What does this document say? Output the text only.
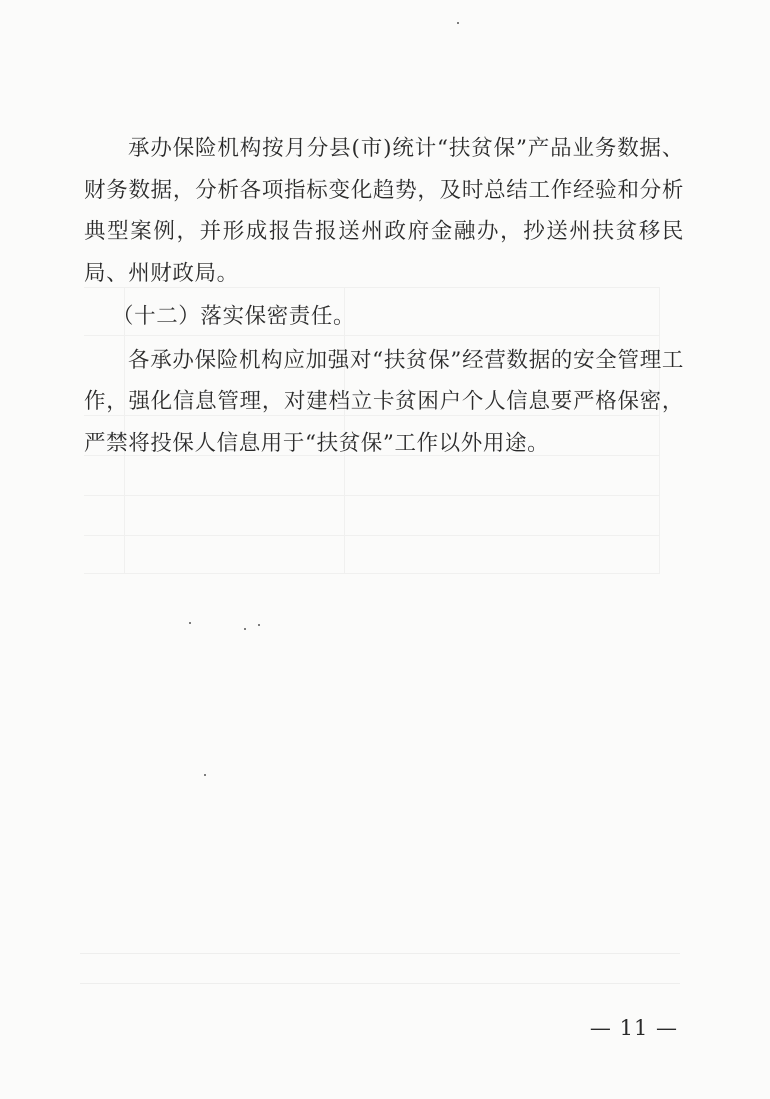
承办保险机构按月分县(市)统计“扶贫保”产品业务数据、财务数据，分析各项指标变化趋势，及时总结工作经验和分析典型案例，并形成报告报送州政府金融办，抄送州扶贫移民局、州财政局。

（十二）落实保密责任。

各承办保险机构应加强对“扶贫保”经营数据的安全管理工作，强化信息管理，对建档立卡贫困户个人信息要严格保密，严禁将投保人信息用于“扶贫保”工作以外用途。

— 11 —
